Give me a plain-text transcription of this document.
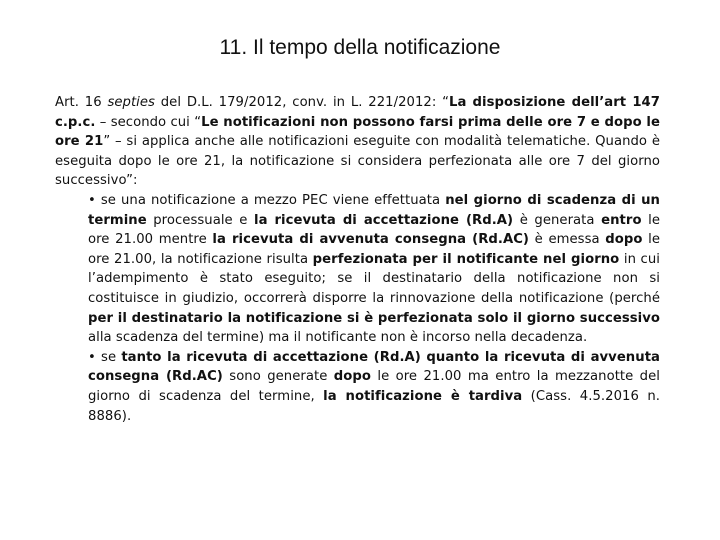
11. Il tempo della notificazione

Art. 16 septies del D.L. 179/2012, conv. in L. 221/2012: “La disposizione dell’art 147 c.p.c. – secondo cui “Le notificazioni non possono farsi prima delle ore 7 e dopo le ore 21” – si applica anche alle notificazioni eseguite con modalità telematiche. Quando è eseguita dopo le ore 21, la notificazione si considera perfezionata alle ore 7 del giorno successivo”:

• se una notificazione a mezzo PEC viene effettuata nel giorno di scadenza di un termine processuale e la ricevuta di accettazione (Rd.A) è generata entro le ore 21.00 mentre la ricevuta di avvenuta consegna (Rd.AC) è emessa dopo le ore 21.00, la notificazione risulta perfezionata per il notificante nel giorno in cui l’adempimento è stato eseguito; se il destinatario della notificazione non si costituisce in giudizio, occorrerà disporre la rinnovazione della notificazione (perché per il destinatario la notificazione si è perfezionata solo il giorno successivo alla scadenza del termine) ma il notificante non è incorso nella decadenza.

• se tanto la ricevuta di accettazione (Rd.A) quanto la ricevuta di avvenuta consegna (Rd.AC) sono generate dopo le ore 21.00 ma entro la mezzanotte del giorno di scadenza del termine, la notificazione è tardiva (Cass. 4.5.2016 n. 8886).
